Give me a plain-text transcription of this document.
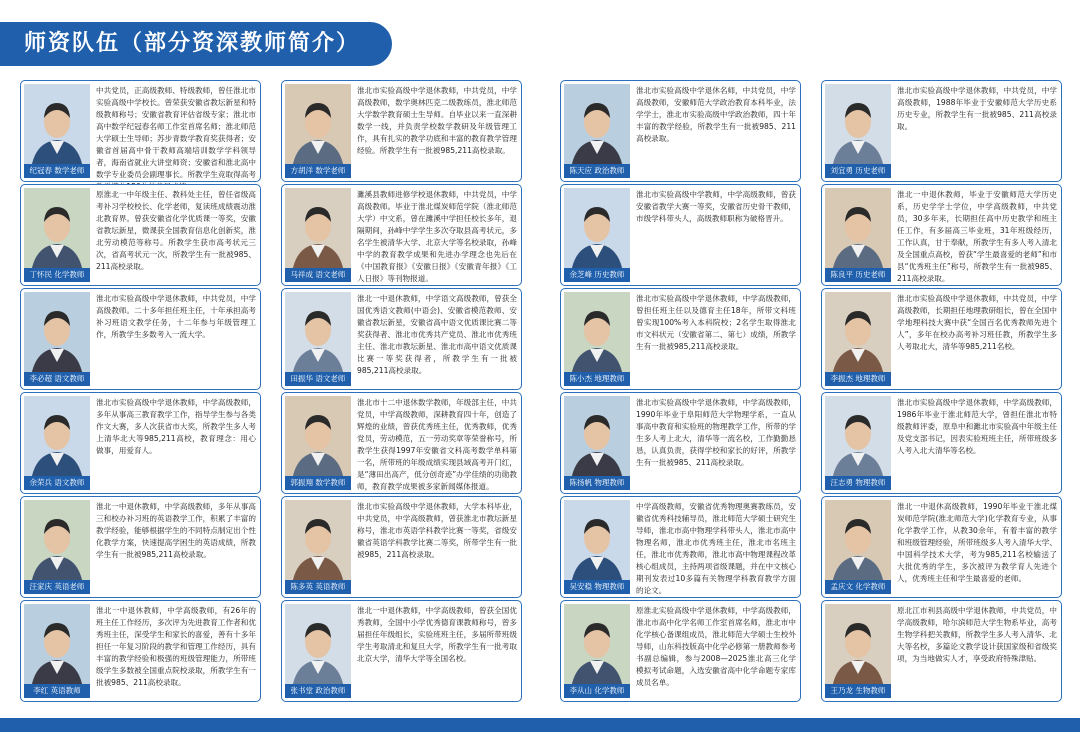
师资队伍（部分资深教师简介）
纪冠春 数学老师
中共党员，正高级教师、特级教师，曾任淮北市实验高级中学校长。曾荣获安徽省教坛新星和特级教师称号；安徽省教育评估省级专家；淮北市高中数学纪冠春名师工作室首席名师；淮北师范大学硕士生导师；苏步青数学教育奖获得者；安徽省首届高中骨干教师高端培训数学学科领导者，海南省就业大讲堂师资；安徽省和淮北高中数学专业委员会副理事长。所教学生竞取得高考	方胡洋 数学老师
淮北市实验高级中学退休教师，中共党员，中学高级教师，数学奥林匹克二级教练员，淮北师范大学数学教育硕士生导师。自毕业以来一直深耕数学一线，并负责学校数学教研及年级管理工作，具有扎实的教学功底和丰富的教育教学管理经验。所教学生有一批被985,211高校录取。
陈天应 政治教师
淮北市实验高级中学退休名师，中共党员，中学高级教师，安徽师范大学政治教育本科毕业，法学学士，淮北市实验高级中学政治教师，四十年丰富的教学经验，所教学生有一批被985、211高校录取。
刘宜勇 历史老师
淮北市实验高级中学退休教师，中共党员，中学高级教师，1988年毕业于安徽师范大学历史系历史专业，所教学生有一批被985、211高校录取。
丁怀民 化学教师
原淮北一中年级主任、教科处主任，曾任省级高考补习学校校长、化学老师，复读班成绩震动淮北教育界。曾获安徽省化学优质课一等奖，安徽省教坛新星，微课获全国教育信息化创新奖，淮北劳动模范等称号。所教学生获市高考状元三次，省高考状元一次，所教学生有一批被985、211高校录取。
马祥成 语文老师
濉溪县教师进修学校退休教师，中共党员，中学高级教师。毕业于淮北煤炭师范学院（淮北师范大学）中文系，曾在濉溪中学担任校长多年，退隔期间，孙峰中学学生多次夺取县高考状元，多名学生被清华大学、北京大学等名校录取，孙峰中学的教育教学成果和先进办学理念也先后在《中国教育报》《安徽日报》《安徽青年报》《工人日报》等刊物报道。	余芝峰 历史教师
淮北市实验高级中学教师，中学高级教师，曾获安徽省教学大赛一等奖，安徽省历史骨干教师，市级学科带头人，高级教师职称为破格晋升。
陈良平 历史老师
淮北一中退休教师，毕业于安徽师范大学历史系，历史学学士学位，中学高级教师，中共党员，30多年来，长期担任高中历史教学和班主任工作，有多届高三毕业班，31年班级经历，工作认真，甘于奉献，所教学生有多人考入清北及全国重点高校，曾获“学生最喜爱的老师”和市县“优秀班主任”称号，所教学生有一批被985、211高校录取。
李必超 语文教师
淮北市实验高级中学退休教师，中共党员，中学高级教师。二十多年担任班主任，十年承担高考补习班语文教学任务，十二年参与年级管理工作，所教学生多数考入一流大学。
田振华 语文老师
淮北一中退休教师，中学语文高级教师，曾获全国优秀语文教师(中语会)、安徽省模范教师、安徽省教坛新星，安徽省高中语文优质课比赛二等奖获得者、淮北市优秀共产党员、淮北市优秀班主任、淮北市教坛新星、淮北市高中语文优质课比赛一等奖获得者，所教学生有一批被985,211高校录取。
陈小杰 地理教师
淮北市实验高级中学退休教师，中学高级教师，曾担任班主任以及德育主任18年，所带文科班曾实现100%考入本科院校；2名学生取得淮北市文科状元（安徽省第二、第七）成绩，所教学生有一批被985,211高校录取。
李振杰 地理教师
淮北市实验高级中学退休教师，中共党员，中学高级教师，长期担任地理教研组长，曾在全国中学地理科技大赛中获“全国百名优秀教师先进个人”，多年在校办高考补习班任教，所教学生多人考取北大，清华等985,211名校。
余荣兵 语文教师
淮北市实验高级中学退休教师，中学高级教师，多年从事高三教育教学工作，指导学生参与各类作文大赛，多人次获省市大奖，所教学生多人考上清华北大等985,211高校，教育理念：用心做事，用爱育人。
郭振翔 数学教师
淮北市十二中退休数学教师，年级部主任，中共党员，中学高级教师，深耕教育四十年，创造了辉煌的业绩，曾获优秀班主任，优秀教师，优秀党员，劳动模范，五一劳动奖章等荣誉称号，所教学生获得1997年安徽省文科高考数学单科第一名，所带班的年级成绩实现县域高考开门红，是“薄田出高产，低分创奇迹”办学佳绩的功勋教师，教育教学成果被多家新闻媒体报道。	陈扬帆 物理教师
淮北市实验高级中学退休教师，中学高级教师，1990年毕业于阜阳师范大学物理学系，一直从事高中教育和实验班的物理教学工作，所带的学生多人考上北大，清华等一流名校，工作勤勤恳恳，认真负责，获得学校和家长的好评，所教学生有一批被985、211高校录取。
汪志勇 物理教师
淮北市实验高级中学退休教师，中学高级教师，1986年毕业于淮北师范大学，曾担任淮北市特级教师评委，原阜中和濉北市实验高中年级主任及党支部书记，因表实验班班主任，所带班级多人考入北大清华等名校。
汪家庆 英语老师
淮北一中退休教师，中学高级教师，多年从事高三和校办补习班的英语教学工作，积累了丰富的教学经验，能够根据学生的不同特点制定出个性化教学方案，快速提高学困生的英语成绩，所教学生有一批被985,211高校录取。
陈多英 英语教师
淮北市实验高级中学退休教师，大学本科毕业，中共党员，中学高级教师，曾获淮北市教坛新星称号，淮北市英语学科教学比赛一等奖，省级安徽省英语学科教学比赛二等奖，所带学生有一批被985，211高校录取。
吴安稳 物理教师
中学高级教师，安徽省优秀物理奥赛教练员，安徽省优秀科技辅导员，淮北师范大学硕士研究生导师，淮北市高中物理学科带头人，淮北市高中物理名师，淮北市优秀班主任，淮北市名班主任，淮北市优秀教师，淮北市高中物理课程改革核心组成员，主持两项省级课题，并在中文核心期刊发表过10多篇有关物理学科教育教学方面的论文。	孟庆文 化学教师
淮北一中退休高级教师，1990年毕业于淮北煤炭师范学院(淮北师范大学)化学教育专业，从事化学教学工作，从教30余年，有着丰富的教学和班级管理经验，所带班级多人考入清华大学、中国科学技术大学，考为985,211名校输送了大批优秀的学生，多次被评为教学育人先进个人，优秀班主任和学生最喜爱的老师。
李红 英语教师
淮北一中退休教师，中学高级教师，有26年的班主任工作经历，多次评为先进教育工作者和优秀班主任，深受学生和家长的喜爱，善有十多年担任一年复习阶段的教学和管理工作经历，具有丰富的教学经验和极强的班级管理能力，所带班级学生多数被全国重点院校录取，所教学生有一批被985、211高校录取。
张书堂 政治教师
淮北一中退休教师，中学高级教师，曾获全国优秀教师，全国中小学优秀德育课教师称号，曾多届担任年级组长，实验班班主任，多届所带班级学生考取清北和复旦大学，所教学生有一批考取北京大学，清华大学等全国名校。
李从山 化学教师
原淮北实验高级中学退休教师，中学高级教师，淮北市高中化学名师工作室首席名师，淮北市中化学核心备课组成员，淮北师范大学硕士生校外导师，山东科技版高中化学必修第一册教师参考书副总编辑，参与2008—2025淮北高三化学模拟考试命题，入选安徽省高中化学命题专家库成员名单。
王乃龙 生物教师
原北江市利县高级中学退休教师，中共党员，中学高级教师，哈尔滨师范大学生物系毕业，高考生物学科把关教师，所教学生多人考入清华、北大等名校，多篇论文教学设计获国家级和省级奖项，为当地做实人才，享受政府特殊津贴。
